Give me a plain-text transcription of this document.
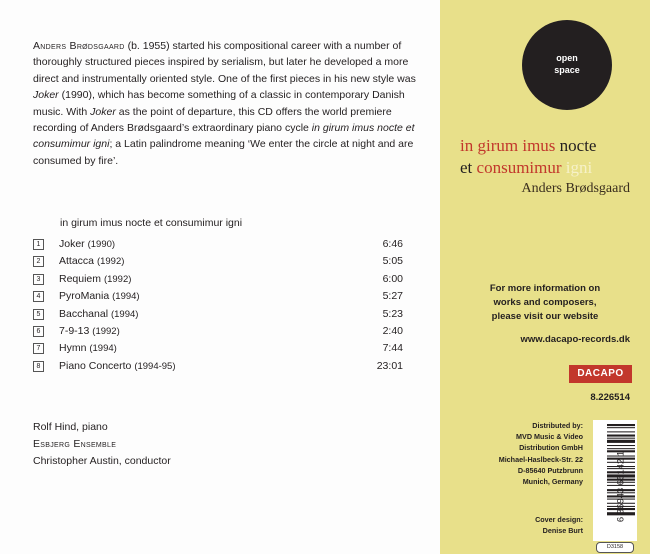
Anders Brødsgaard (b. 1955) started his compositional career with a number of thoroughly structured pieces inspired by serialism, but later he developed a more direct and instrumentally oriented style. One of the first pieces in his new style was Joker (1990), which has become something of a classic in contemporary Danish music. With Joker as the point of departure, this CD offers the world premiere recording of Anders Brødsgaard’s extraordinary piano cycle in girum imus nocte et consumimur igni; a Latin palindrome meaning ‘We enter the circle at night and are consumed by fire’.
in girum imus nocte et consumimur igni
1	Joker (1990)	6:46
2	Attacca (1992)	5:05
3	Requiem (1992)	6:00
4	PyroMania (1994)	5:27
5	Bacchanal (1994)	5:23
6	7-9-13 (1992)	2:40
7	Hymn (1994)	7:44
8	Piano Concerto (1994-95)	23:01
Rolf Hind, piano
Esbjerg Ensemble
Christopher Austin, conductor
open
space
in girum imus nocte
et consumimur igni
Anders Brødsgaard
For more information on
works and composers,
please visit our website
www.dacapo-records.dk
DACAPO
8.226514
Distributed by:
MVD Music & Video
Distribution GmbH
Michael-Haslbeck-Str. 22
D-85640 Putzbrunn
Munich, Germany
Cover design:
Denise Burt
6 36943 65142 1
D3158
